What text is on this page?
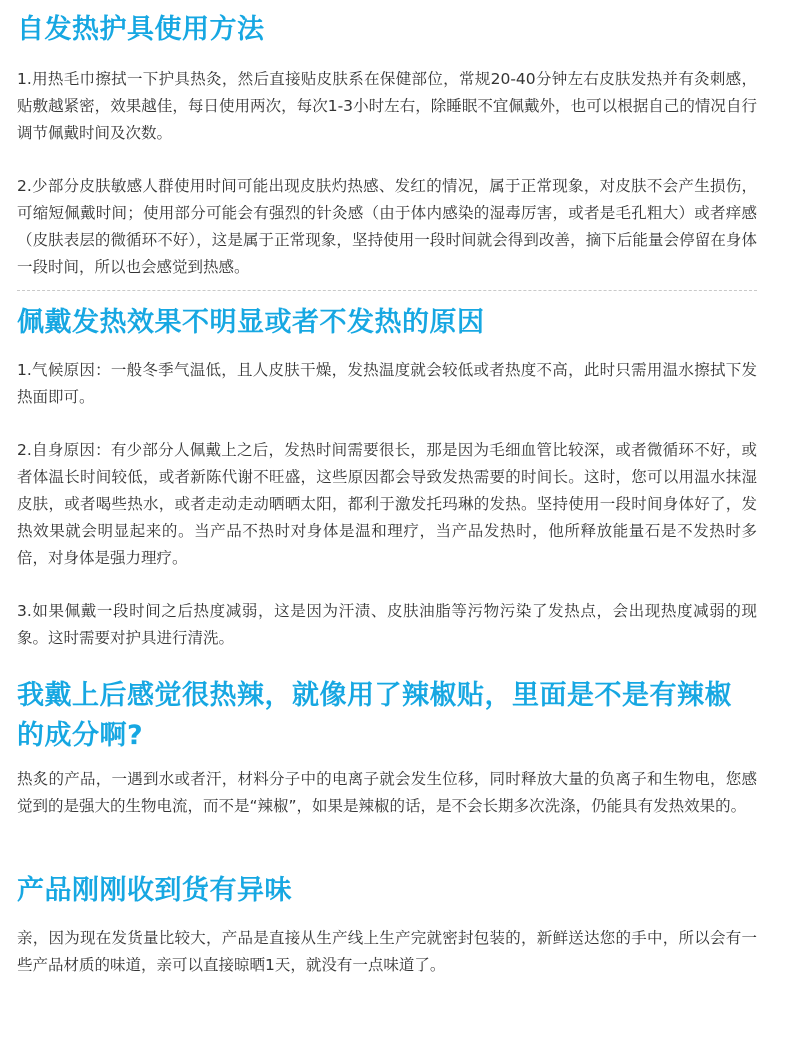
自发热护具使用方法

1.用热毛巾擦拭一下护具热灸，然后直接贴皮肤系在保健部位，常规20-40分钟左右皮肤发热并有灸刺感，贴敷越紧密，效果越佳，每日使用两次，每次1-3小时左右，除睡眠不宜佩戴外，也可以根据自己的情况自行调节佩戴时间及次数。

2.少部分皮肤敏感人群使用时间可能出现皮肤灼热感、发红的情况，属于正常现象，对皮肤不会产生损伤，可缩短佩戴时间；使用部分可能会有强烈的针灸感（由于体内感染的湿毒厉害，或者是毛孔粗大）或者痒感（皮肤表层的微循环不好），这是属于正常现象，坚持使用一段时间就会得到改善，摘下后能量会停留在身体一段时间，所以也会感觉到热感。

佩戴发热效果不明显或者不发热的原因

1.气候原因：一般冬季气温低，且人皮肤干燥，发热温度就会较低或者热度不高，此时只需用温水擦拭下发热面即可。

2.自身原因：有少部分人佩戴上之后，发热时间需要很长，那是因为毛细血管比较深，或者微循环不好，或者体温长时间较低，或者新陈代谢不旺盛，这些原因都会导致发热需要的时间长。这时，您可以用温水抹湿皮肤，或者喝些热水，或者走动走动晒晒太阳，都利于激发托玛琳的发热。坚持使用一段时间身体好了，发热效果就会明显起来的。当产品不热时对身体是温和理疗，当产品发热时，他所释放能量石是不发热时多倍，对身体是强力理疗。

3.如果佩戴一段时间之后热度减弱，这是因为汗渍、皮肤油脂等污物污染了发热点，会出现热度减弱的现象。这时需要对护具进行清洗。

我戴上后感觉很热辣，就像用了辣椒贴，里面是不是有辣椒的成分啊?

热炙的产品，一遇到水或者汗，材料分子中的电离子就会发生位移，同时释放大量的负离子和生物电，您感觉到的是强大的生物电流，而不是“辣椒”，如果是辣椒的话，是不会长期多次洗涤，仍能具有发热效果的。

产品刚刚收到货有异味

亲，因为现在发货量比较大，产品是直接从生产线上生产完就密封包装的，新鲜送达您的手中，所以会有一些产品材质的味道，亲可以直接晾晒1天，就没有一点味道了。
